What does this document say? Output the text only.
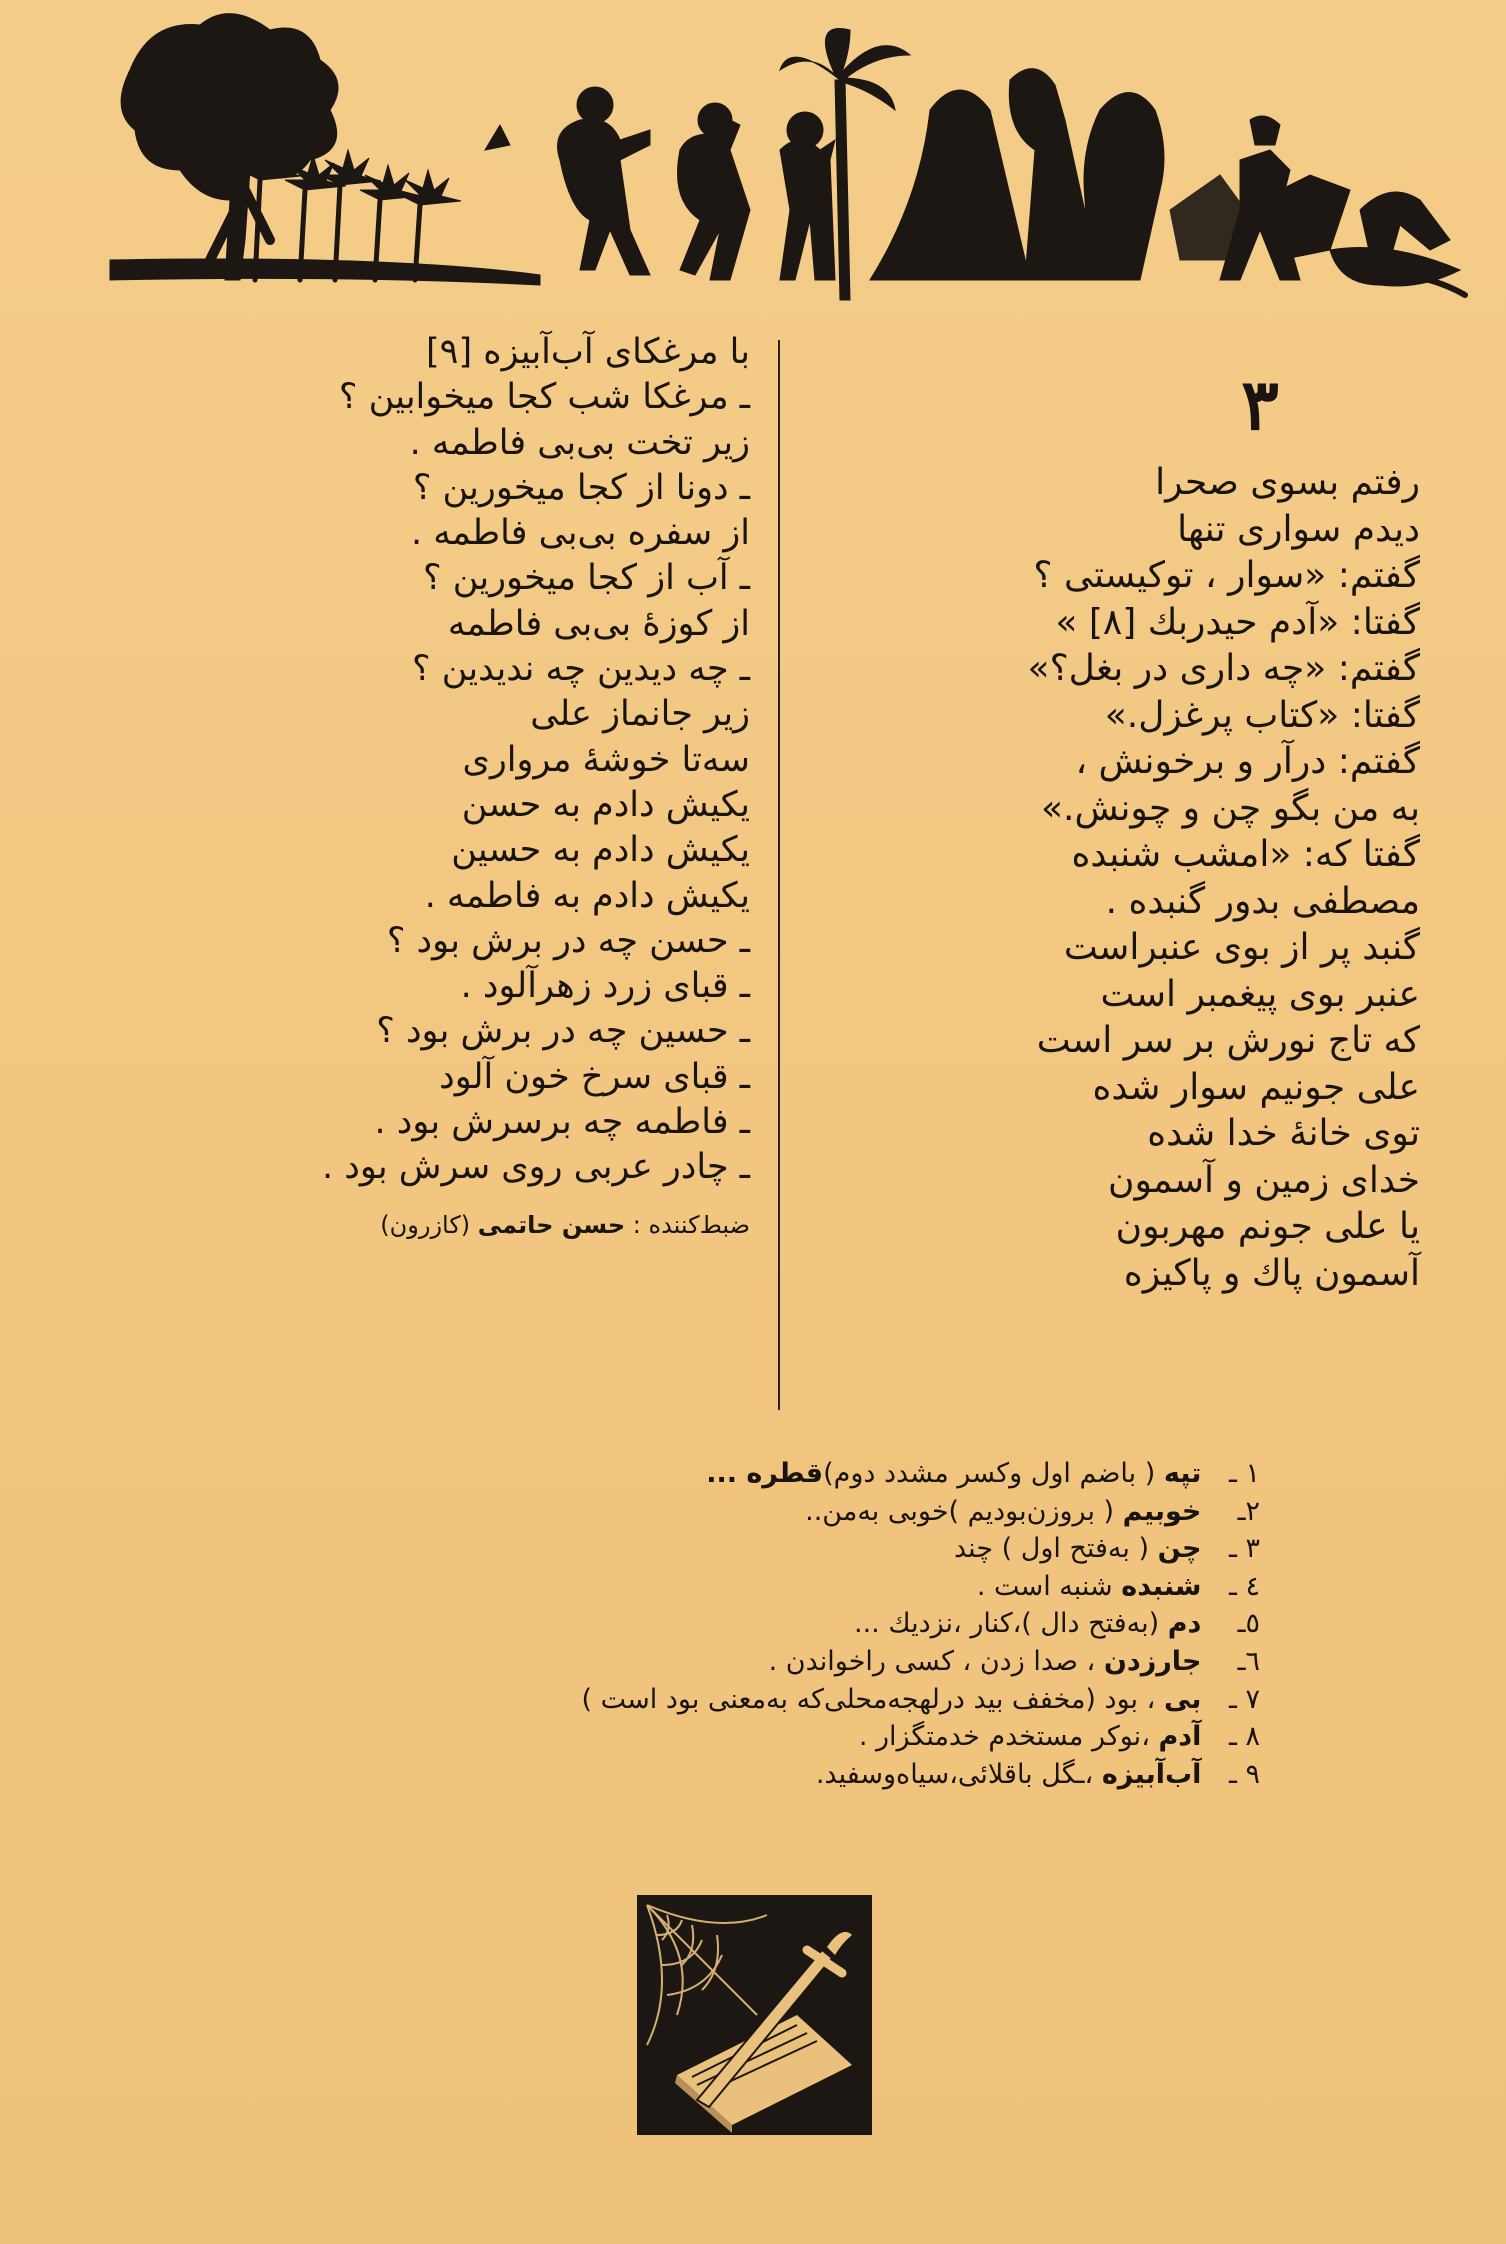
٣
رفتم بسوی صحرا
دیدم سواری تنها
گفتم: «سوار ، توکیستی ؟
گفتا: «آدم حیدربك [٨] »
گفتم: «چه داری در بغل؟»
گفتا: «کتاب پرغزل.»
گفتم: درآر و برخونش ،
به من بگو چن و چونش.»
گفتا که: «امشب شنبده
مصطفی بدور گنبده .
گنبد پر از بوی عنبراست
عنبر بوی پیغمبر است
که تاج نورش بر سر است
علی جونیم سوار شده
توی خانهٔ خدا شده
خدای زمین و آسمون
یا علی جونم مهربون
آسمون پاك و پاکیزه
با مرغکای آب‌آبیزه [٩]
ـ مرغکا شب کجا میخوابین ؟
زیر تخت بی‌بی فاطمه .
ـ دونا از کجا میخورین ؟
از سفره بی‌بی فاطمه .
ـ آب از کجا میخورین ؟
از کوزهٔ بی‌بی فاطمه
ـ چه دیدین چه ندیدین ؟
زیر جانماز علی
سه‌تا خوشهٔ مرواری
یکیش دادم به حسن
یکیش دادم به حسین
یکیش دادم به فاطمه .
ـ حسن چه در برش بود ؟
ـ قبای زرد زهرآلود .
ـ حسین چه در برش بود ؟
ـ قبای سرخ خون آلود
ـ فاطمه چه برسرش بود .
ـ چادر عربی روی سرش بود .
ضبط‌کننده : حسن حاتمی (کازرون)
١ ـ تپه ( باضم اول وکسر مشدد دوم)قطره ...
٢ـ خوبیم ( بروزن‌بودیم )خوبی به‌من..
٣ ـ چن ( به‌فتح اول ) چند
٤ ـ شنبده شنبه است .
٥ـ دم (به‌فتح دال )،کنار ،نزدیك ...
٦ـ جارزدن ، صدا زدن ، کسی راخواندن .
٧ ـ بی ، بود (مخفف بید درلهجه‌محلی‌که به‌معنی بود است )
٨ ـ آدم ،نوکر مستخدم خدمتگزار .
٩ ـ آب‌آبیزه ،ـگل باقلائی،سیاه‌وسفید.
